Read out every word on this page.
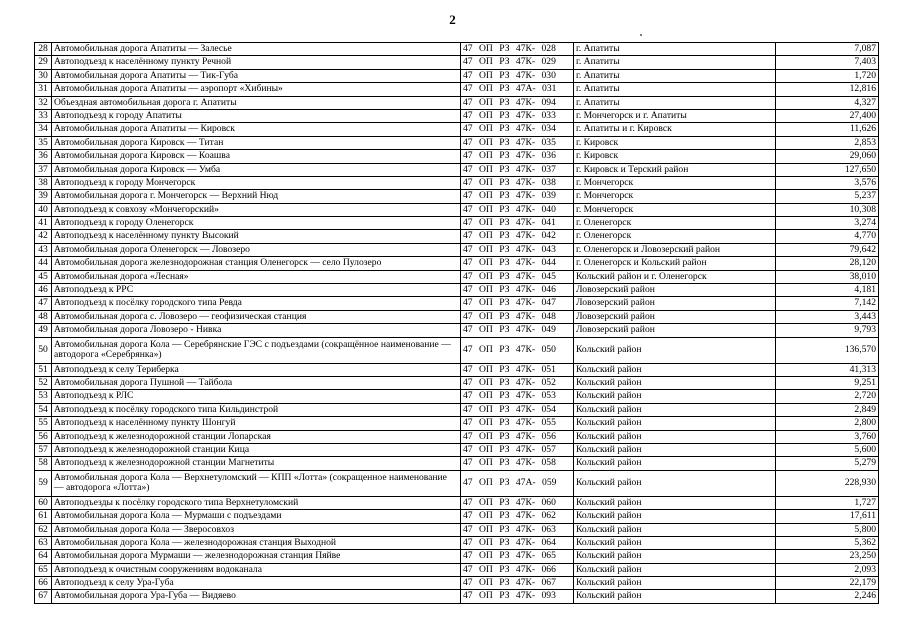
2
28	Автомобильная дорога Апатиты — Залесье	47 ОП РЗ 47К- 028	г. Апатиты	7,087
29	Автоподъезд к населённому пункту Речной	47 ОП РЗ 47К- 029	г. Апатиты	7,403
30	Автомобильная дорога Апатиты — Тик-Губа	47 ОП РЗ 47К- 030	г. Апатиты	1,720
31	Автомобильная дорога Апатиты — аэропорт «Хибины»	47 ОП РЗ 47А- 031	г. Апатиты	12,816
32	Объездная автомобильная дорога г. Апатиты	47 ОП РЗ 47К- 094	г. Апатиты	4,327
33	Автоподъезд к городу Апатиты	47 ОП РЗ 47К- 033	г. Мончегорск и г. Апатиты	27,400
34	Автомобильная дорога Апатиты — Кировск	47 ОП РЗ 47К- 034	г. Апатиты и г. Кировск	11,626
35	Автомобильная дорога Кировск — Титан	47 ОП РЗ 47К- 035	г. Кировск	2,853
36	Автомобильная дорога Кировск — Коашва	47 ОП РЗ 47К- 036	г. Кировск	29,060
37	Автомобильная дорога Кировск — Умба	47 ОП РЗ 47К- 037	г. Кировск и Терский район	127,650
38	Автоподъезд к городу Мончегорск	47 ОП РЗ 47К- 038	г. Мончегорск	3,576
39	Автомобильная дорога г. Мончегорск — Верхний Нюд	47 ОП РЗ 47К- 039	г. Мончегорск	5,237
40	Автоподъезд к совхозу «Мончегорский»	47 ОП РЗ 47К- 040	г. Мончегорск	10,308
41	Автоподъезд к городу Оленегорск	47 ОП РЗ 47К- 041	г. Оленегорск	3,274
42	Автоподъезд к населённому пункту Высокий	47 ОП РЗ 47К- 042	г. Оленегорск	4,770
43	Автомобильная дорога Оленегорск — Ловозеро	47 ОП РЗ 47К- 043	г. Оленегорск и Ловозерский район	79,642
44	Автомобильная дорога железнодорожная станция Оленегорск — село Пулозеро	47 ОП РЗ 47К- 044	г. Оленегорск и Кольский район	28,120
45	Автомобильная дорога «Лесная»	47 ОП РЗ 47К- 045	Кольский район и г. Оленегорск	38,010
46	Автоподъезд к РРС	47 ОП РЗ 47К- 046	Ловозерский район	4,181
47	Автоподъезд к посёлку городского типа Ревда	47 ОП РЗ 47К- 047	Ловозерский район	7,142
48	Автомобильная дорога с. Ловозеро — геофизическая станция	47 ОП РЗ 47К- 048	Ловозерский район	3,443
49	Автомобильная дорога Ловозеро - Нивка	47 ОП РЗ 47К- 049	Ловозерский район	9,793
50	Автомобильная дорога Кола — Серебрянские ГЭС с подъездами (сокращённое наименование — автодорога «Серебрянка»)	47 ОП РЗ 47К- 050	Кольский район	136,570
51	Автоподъезд к селу Териберка	47 ОП РЗ 47К- 051	Кольский район	41,313
52	Автомобильная дорога Пушной — Тайбола	47 ОП РЗ 47К- 052	Кольский район	9,251
53	Автоподъезд к РЛС	47 ОП РЗ 47К- 053	Кольский район	2,720
54	Автоподъезд к посёлку городского типа Кильдинстрой	47 ОП РЗ 47К- 054	Кольский район	2,849
55	Автоподъезд к населённому пункту Шонгуй	47 ОП РЗ 47К- 055	Кольский район	2,800
56	Автоподъезд к железнодорожной станции Лопарская	47 ОП РЗ 47К- 056	Кольский район	3,760
57	Автоподъезд к железнодорожной станции Кица	47 ОП РЗ 47К- 057	Кольский район	5,600
58	Автоподъезд к железнодорожной станции Магнетиты	47 ОП РЗ 47К- 058	Кольский район	5,279
59	Автомобильная дорога Кола — Верхнетуломский — КПП «Лотта» (сокращенное наименование — автодорога «Лотта»)	47 ОП РЗ 47А- 059	Кольский район	228,930
60	Автоподъезды к посёлку городского типа Верхнетуломский	47 ОП РЗ 47К- 060	Кольский район	1,727
61	Автомобильная дорога Кола — Мурмаши с подъездами	47 ОП РЗ 47К- 062	Кольский район	17,611
62	Автомобильная дорога Кола — Зверосовхоз	47 ОП РЗ 47К- 063	Кольский район	5,800
63	Автомобильная дорога Кола — железнодорожная станция Выходной	47 ОП РЗ 47К- 064	Кольский район	5,362
64	Автомобильная дорога Мурмаши — железнодорожная станция Пяйве	47 ОП РЗ 47К- 065	Кольский район	23,250
65	Автоподъезд к очистным сооружениям водоканала	47 ОП РЗ 47К- 066	Кольский район	2,093
66	Автоподъезд к селу Ура-Губа	47 ОП РЗ 47К- 067	Кольский район	22,179
67	Автомобильная дорога Ура-Губа — Видяево	47 ОП РЗ 47К- 093	Кольский район	2,246
